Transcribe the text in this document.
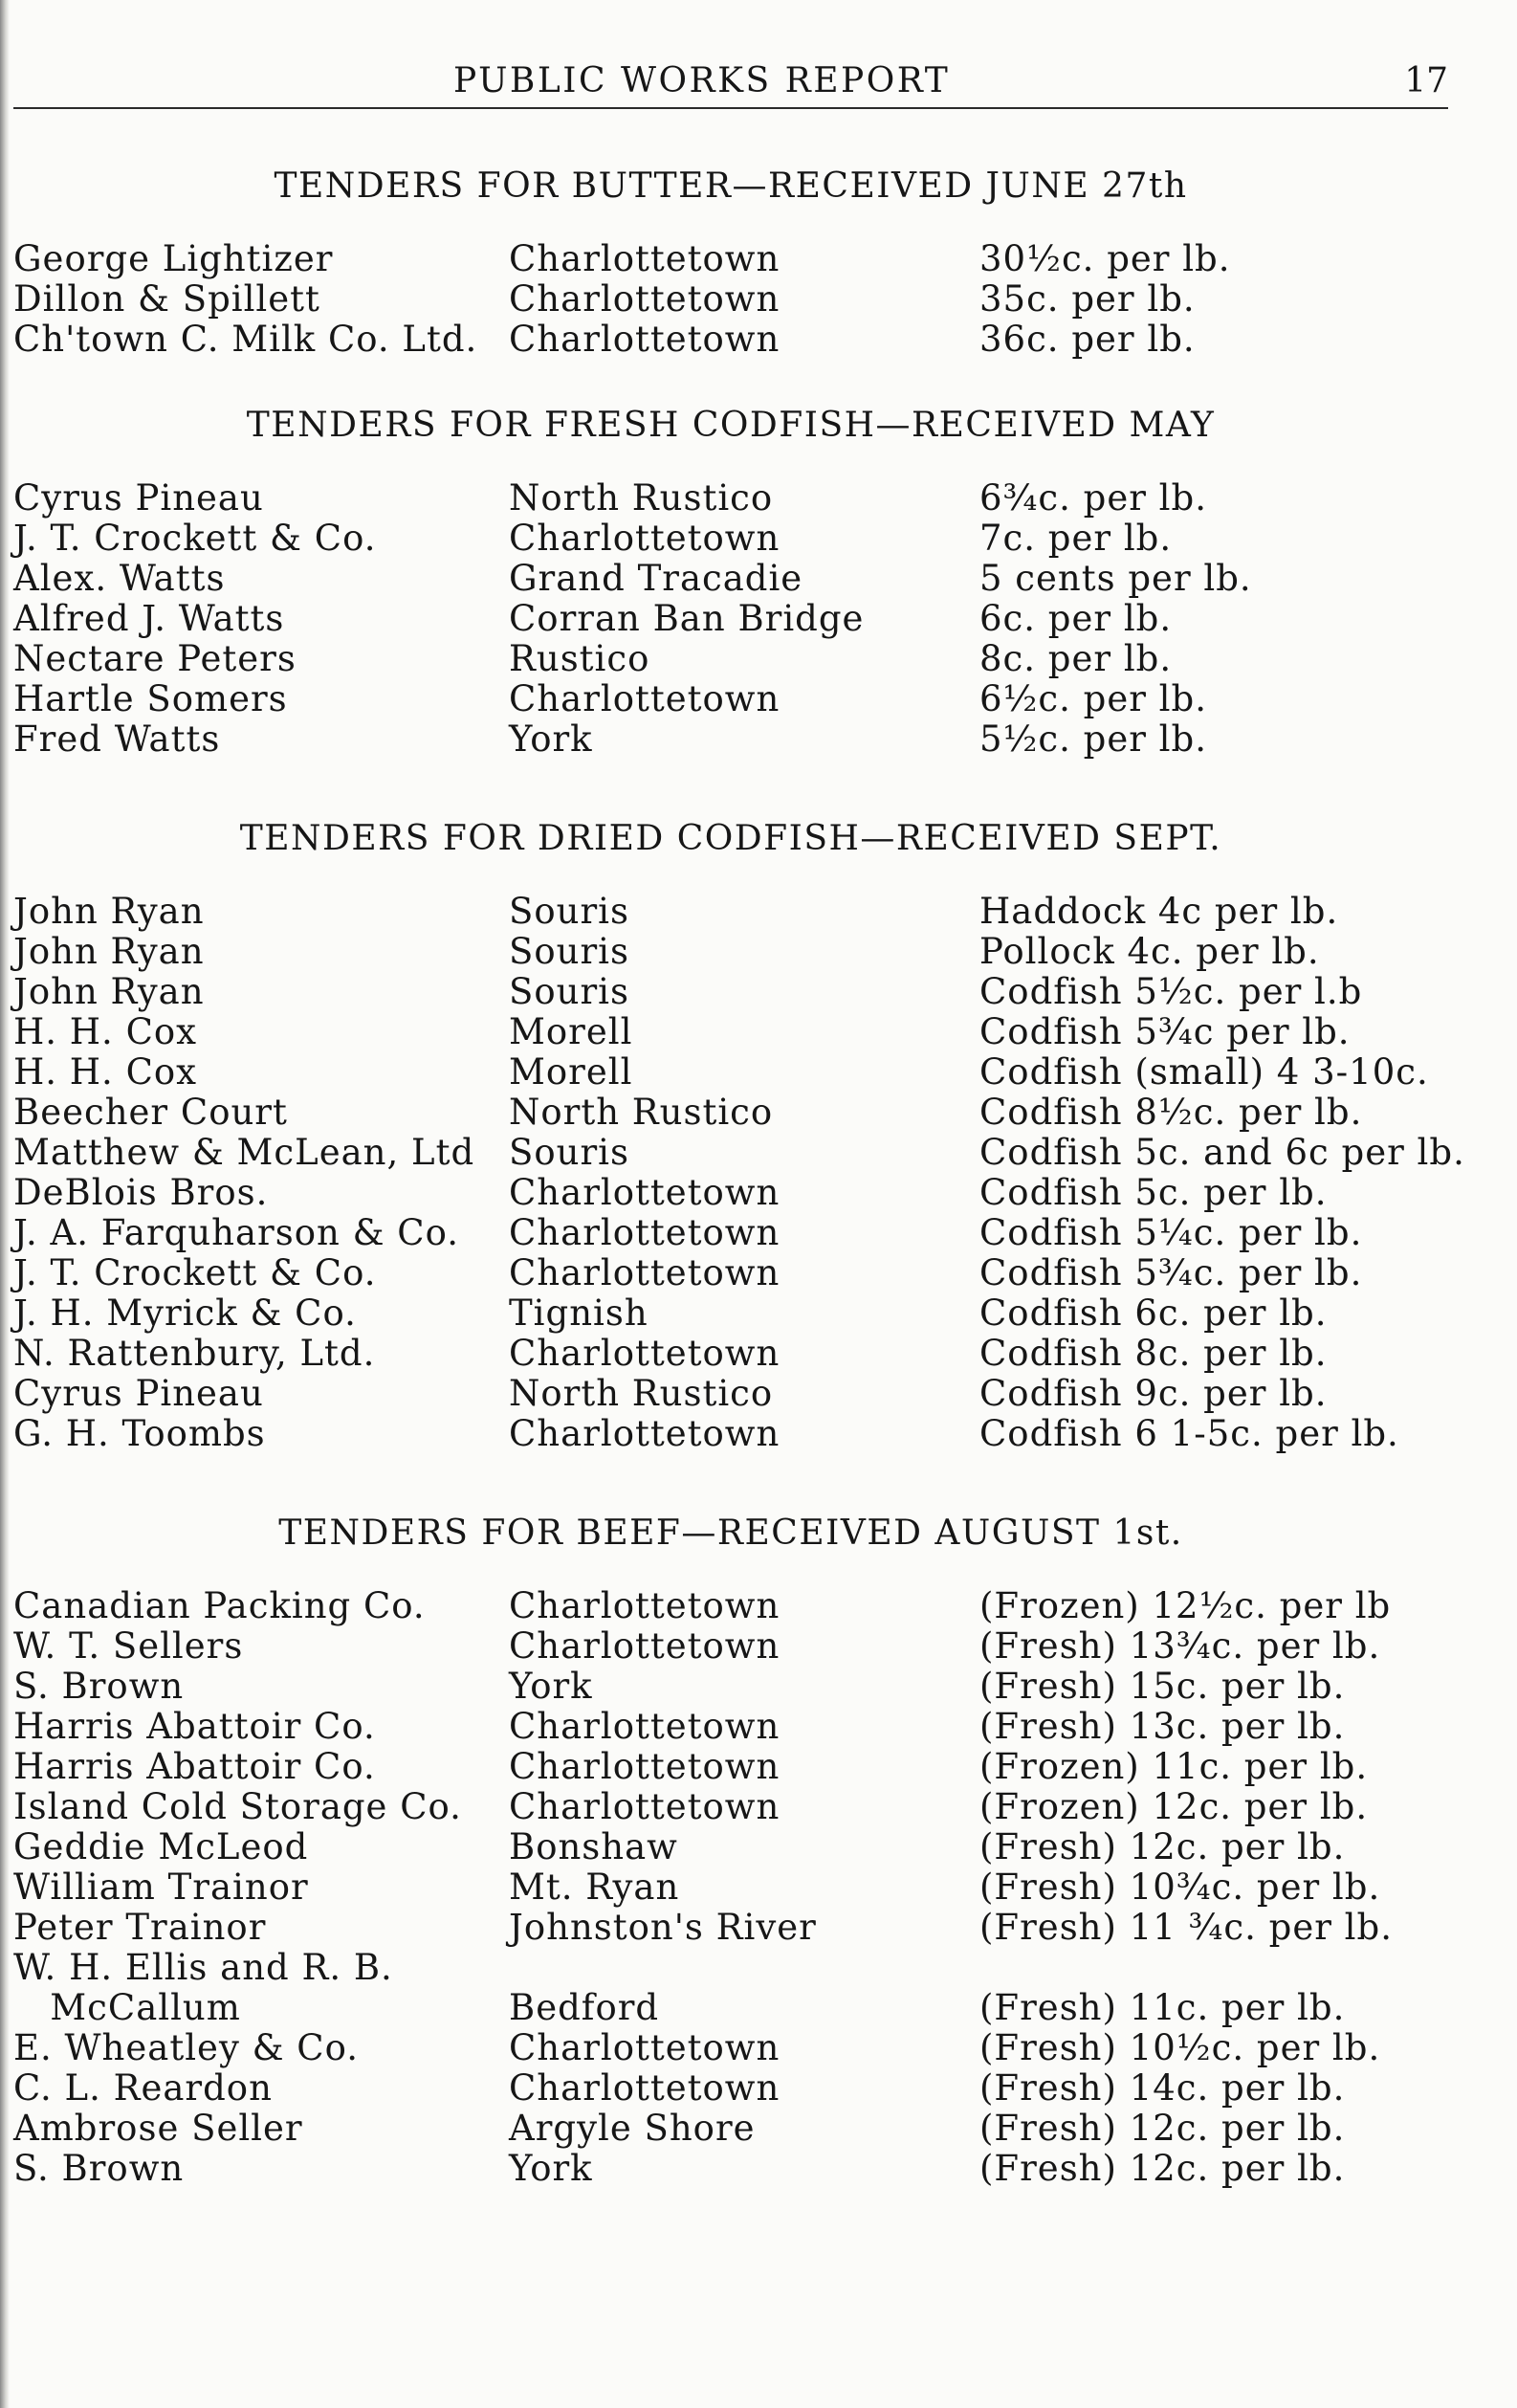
PUBLIC WORKS REPORT	17
TENDERS FOR BUTTER—RECEIVED JUNE 27th
George Lightizer	Charlottetown	30½c. per lb.
Dillon & Spillett	Charlottetown	35c. per lb.
Ch'town C. Milk Co. Ltd. Charlottetown	36c. per lb.
TENDERS FOR FRESH CODFISH—RECEIVED MAY
Cyrus Pineau	North Rustico	6¾c. per lb.
J. T. Crockett & Co.	Charlottetown	7c. per lb.
Alex. Watts	Grand Tracadie	5 cents per lb.
Alfred J. Watts	Corran Ban Bridge	6c. per lb.
Nectare Peters	Rustico	8c. per lb.
Hartle Somers	Charlottetown	6½c. per lb.
Fred Watts	York	5½c. per lb.
TENDERS FOR DRIED CODFISH—RECEIVED SEPT.
John Ryan	Souris	Haddock 4c per lb.
John Ryan	Souris	Pollock 4c. per lb.
John Ryan	Souris	Codfish 5½c. per l.b
H. H. Cox	Morell	Codfish 5¾c per lb.
H. H. Cox	Morell	Codfish (small) 4 3-10c.
Beecher Court	North Rustico	Codfish 8½c. per lb.
Matthew & McLean, Ltd Souris	Codfish 5c. and 6c per lb.
DeBlois Bros.	Charlottetown	Codfish 5c. per lb.
J. A. Farquharson & Co. Charlottetown	Codfish 5¼c. per lb.
J. T. Crockett & Co.	Charlottetown	Codfish 5¾c. per lb.
J. H. Myrick & Co.	Tignish	Codfish 6c. per lb.
N. Rattenbury, Ltd.	Charlottetown	Codfish 8c. per lb.
Cyrus Pineau	North Rustico	Codfish 9c. per lb.
G. H. Toombs	Charlottetown	Codfish 6 1-5c. per lb.
TENDERS FOR BEEF—RECEIVED AUGUST 1st.
Canadian Packing Co. Charlottetown	(Frozen) 12½c. per lb
W. T. Sellers	Charlottetown	(Fresh) 13¾c. per lb.
S. Brown	York	(Fresh) 15c. per lb.
Harris Abattoir Co.	Charlottetown	(Fresh) 13c. per lb.
Harris Abattoir Co.	Charlottetown	(Frozen) 11c. per lb.
Island Cold Storage Co. Charlottetown	(Frozen) 12c. per lb.
Geddie McLeod	Bonshaw	(Fresh) 12c. per lb.
William Trainor	Mt. Ryan	(Fresh) 10¾c. per lb.
Peter Trainor	Johnston's River	(Fresh) 11 ¾c. per lb.
W. H. Ellis and R. B.
McCallum	Bedford	(Fresh) 11c. per lb.
E. Wheatley & Co.	Charlottetown	(Fresh) 10½c. per lb.
C. L. Reardon	Charlottetown	(Fresh) 14c. per lb.
Ambrose Seller	Argyle Shore	(Fresh) 12c. per lb.
S. Brown	York	(Fresh) 12c. per lb.
